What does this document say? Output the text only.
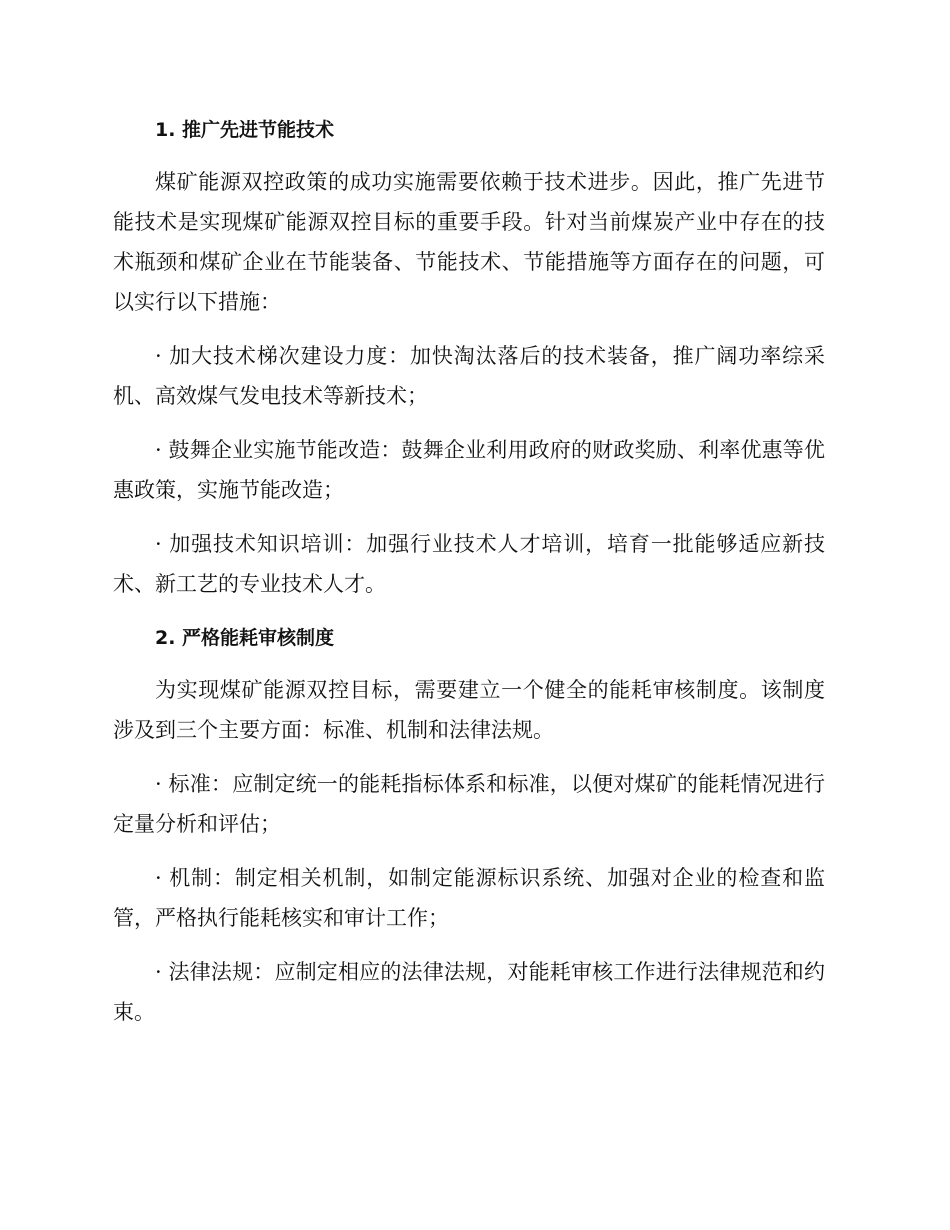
1. 推广先进节能技术

煤矿能源双控政策的成功实施需要依赖于技术进步。因此，推广先进节能技术是实现煤矿能源双控目标的重要手段。针对当前煤炭产业中存在的技术瓶颈和煤矿企业在节能装备、节能技术、节能措施等方面存在的问题，可以实行以下措施：

· 加大技术梯次建设力度：加快淘汰落后的技术装备，推广阔功率综采机、高效煤气发电技术等新技术；

· 鼓舞企业实施节能改造：鼓舞企业利用政府的财政奖励、利率优惠等优惠政策，实施节能改造；

· 加强技术知识培训：加强行业技术人才培训，培育一批能够适应新技术、新工艺的专业技术人才。

2. 严格能耗审核制度

为实现煤矿能源双控目标，需要建立一个健全的能耗审核制度。该制度涉及到三个主要方面：标准、机制和法律法规。

· 标准：应制定统一的能耗指标体系和标准，以便对煤矿的能耗情况进行定量分析和评估；

· 机制：制定相关机制，如制定能源标识系统、加强对企业的检查和监管，严格执行能耗核实和审计工作；

· 法律法规：应制定相应的法律法规，对能耗审核工作进行法律规范和约束。
